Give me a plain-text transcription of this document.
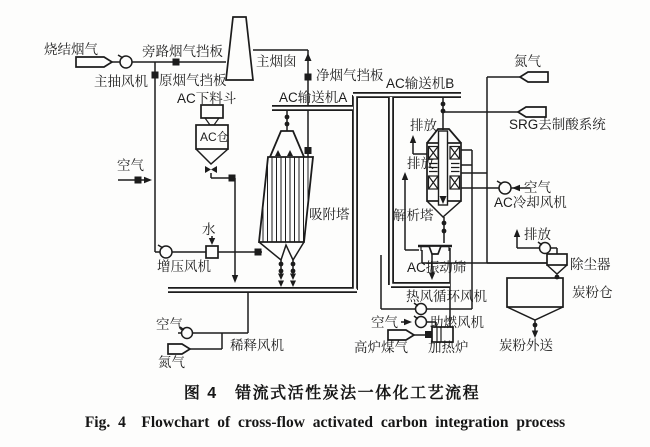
烧结烟气
主抽风机
旁路烟气挡板
主烟囱
净烟气挡板
原烟气挡板
AC下料斗
AC仓
AC输送机A
AC输送机B
氮气
SRG去制酸系统
排放
排放
空气
吸附塔	解析塔
空气
AC冷却风机
水	排放
除尘器
增压风机	AC振动筛
热风循环风机	炭粉仓
空气
稀释风机
空气 助燃风机
氮气
高炉煤气 加热炉 炭粉外送
图 4　错流式活性炭法一体化工艺流程
Fig. 4　Flowchart of cross-flow activated carbon integration process
